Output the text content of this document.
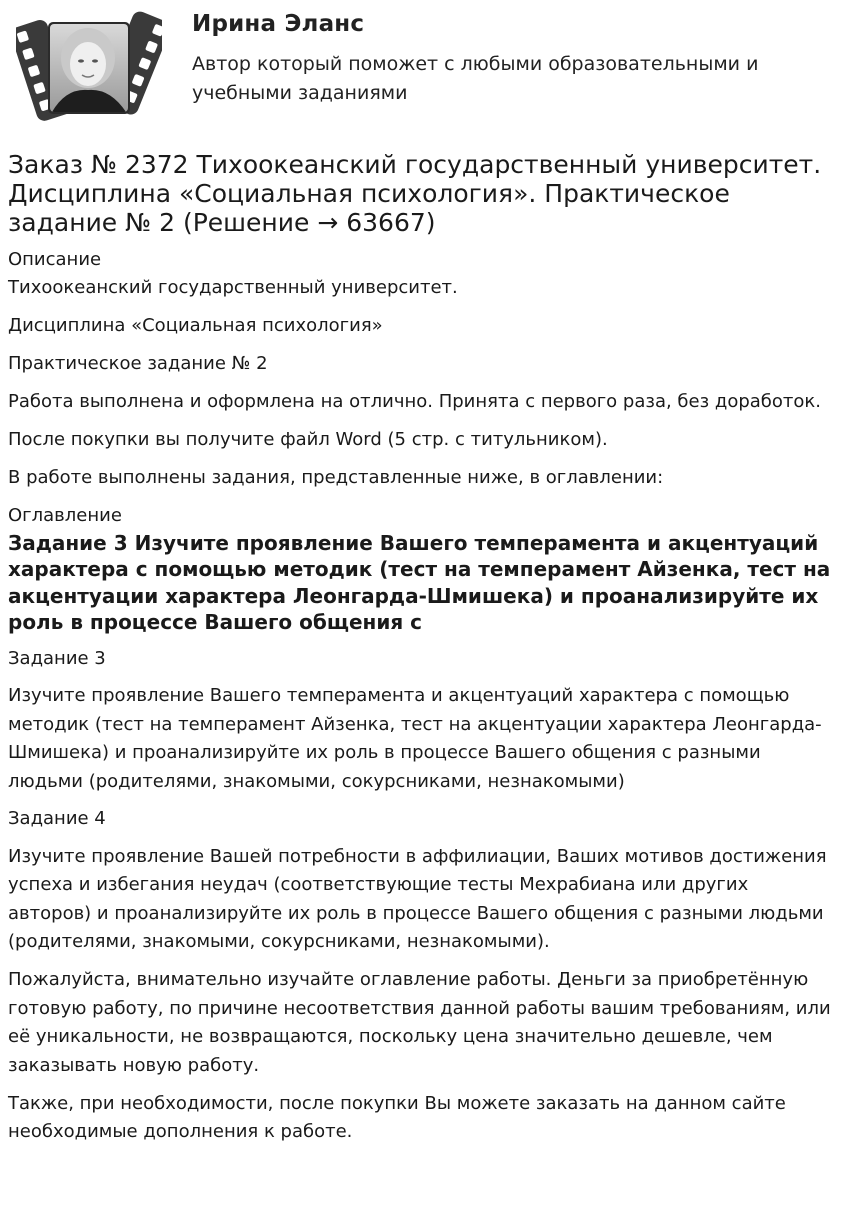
Ирина Эланс
Автор который поможет с любыми образовательными и учебными заданиями
Заказ № 2372 Тихоокеанский государственный университет. Дисциплина «Социальная психология». Практическое задание № 2 (Решение → 63667)
Описание

Тихоокеанский государственный университет.

Дисциплина «Социальная психология»

Практическое задание № 2

Работа выполнена и оформлена на отлично. Принята с первого раза, без доработок.

После покупки вы получите файл Word (5 стр. с титульником).

В работе выполнены задания, представленные ниже, в оглавлении:

Оглавление
Задание 3 Изучите проявление Вашего темперамента и акцентуаций характера с помощью методик (тест на темперамент Айзенка, тест на акцентуации характера Леонгарда-Шмишека) и проанализируйте их роль в процессе Вашего общения с
Задание 3

Изучите проявление Вашего темперамента и акцентуаций характера с помощью методик (тест на темперамент Айзенка, тест на акцентуации характера Леонгарда-Шмишека) и проанализируйте их роль в процессе Вашего общения с разными людьми (родителями, знакомыми, сокурсниками, незнакомыми)

Задание 4

Изучите проявление Вашей потребности в аффилиации, Ваших мотивов достижения успеха и избегания неудач (соответствующие тесты Мехрабиана или других авторов) и проанализируйте их роль в процессе Вашего общения с разными людьми (родителями, знакомыми, сокурсниками, незнакомыми).

Пожалуйста, внимательно изучайте оглавление работы. Деньги за приобретённую готовую работу, по причине несоответствия данной работы вашим требованиям, или её уникальности, не возвращаются, поскольку цена значительно дешевле, чем заказывать новую работу.

Также, при необходимости, после покупки Вы можете заказать на данном сайте необходимые дополнения к работе.
